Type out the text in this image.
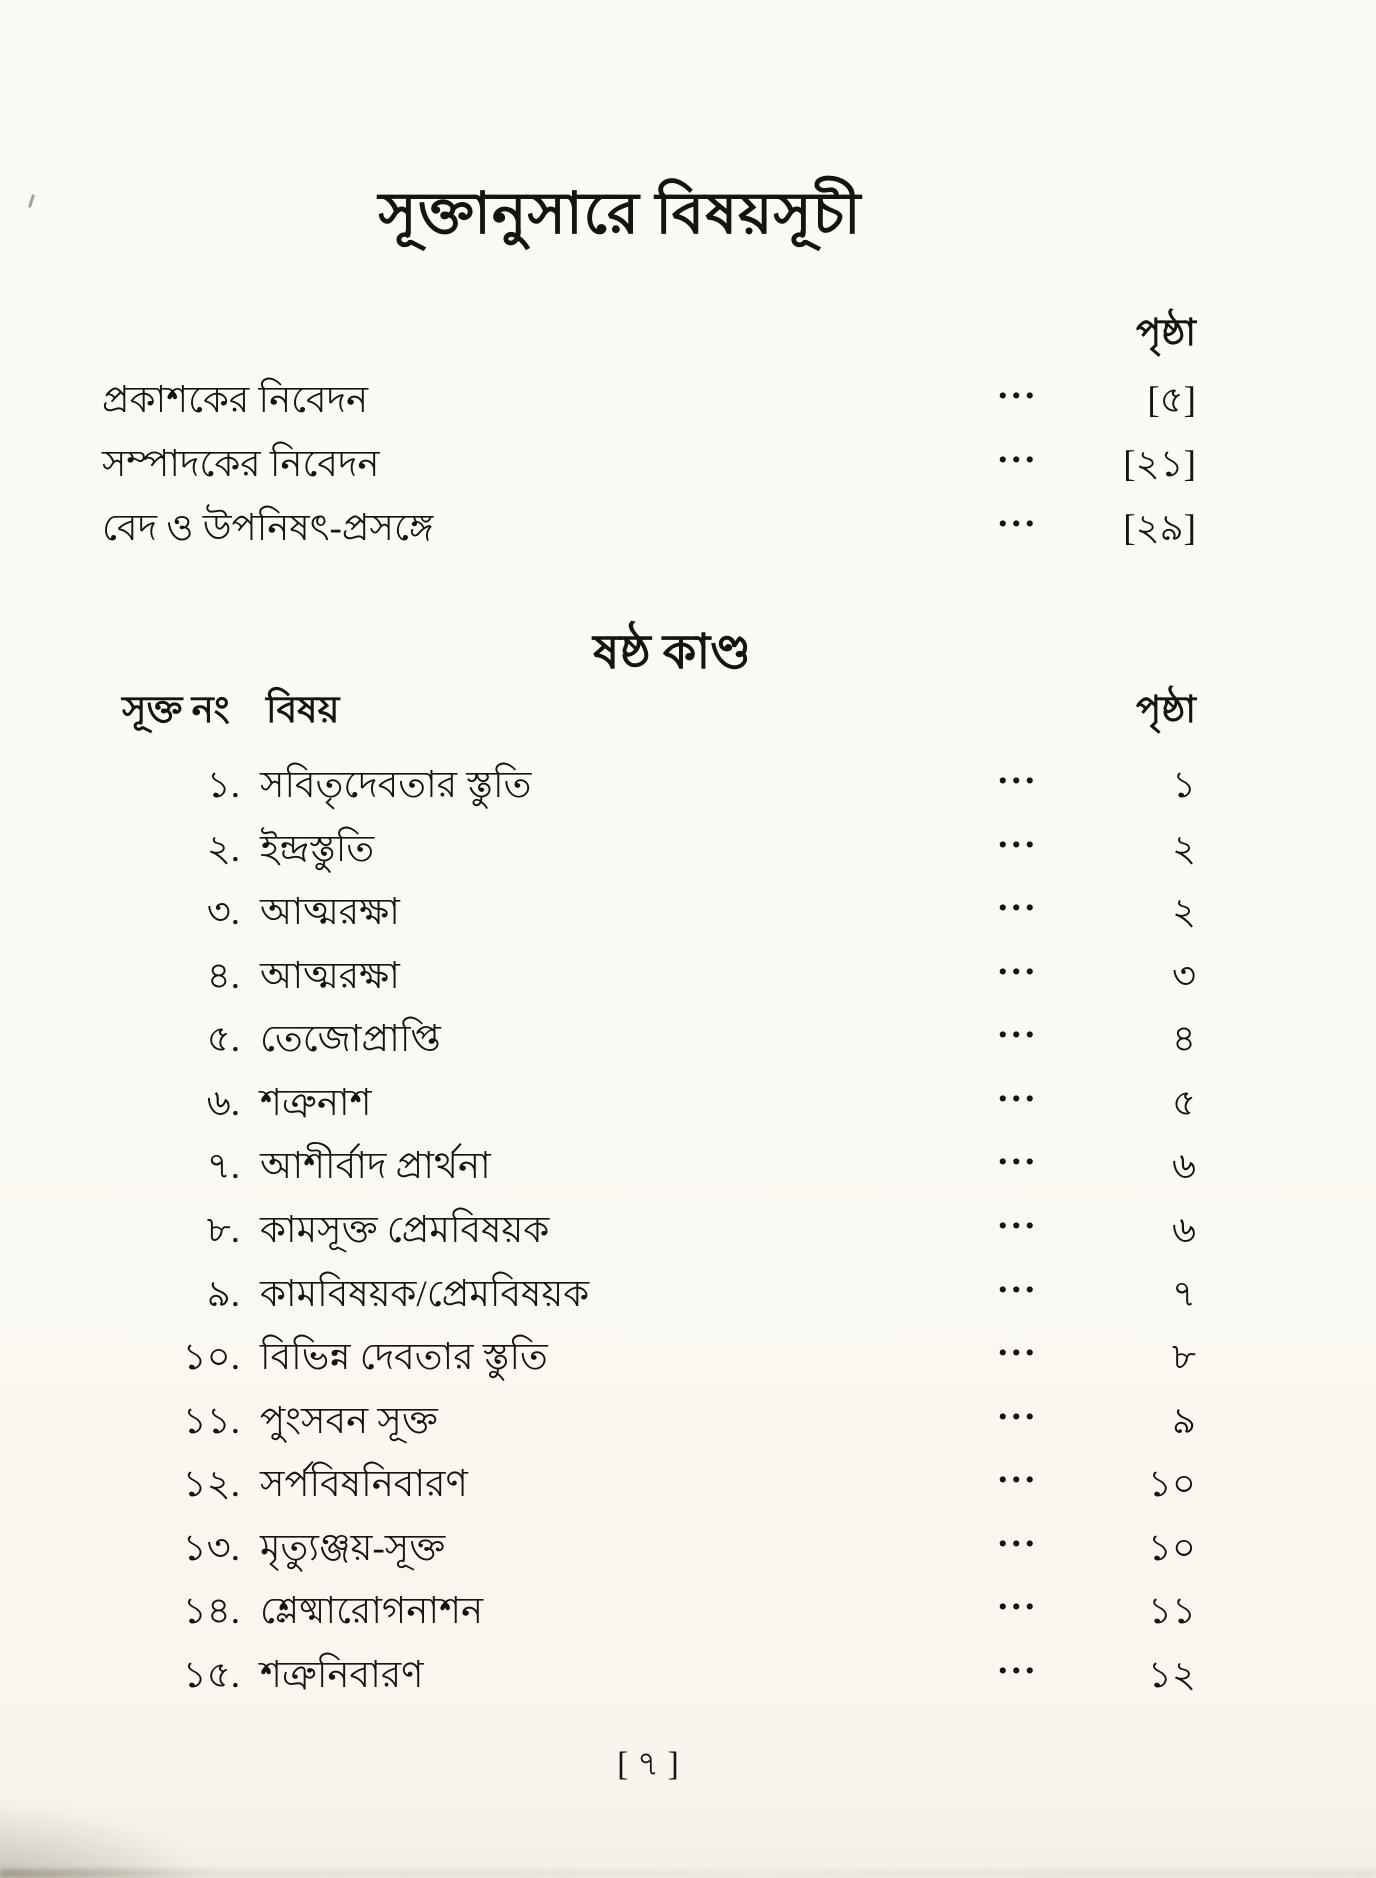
সূক্তানুসারে বিষয়সূচী
পৃষ্ঠা
প্রকাশকের নিবেদন	...	[৫]
সম্পাদকের নিবেদন	... [২১]
বেদ ও উপনিষৎ-প্রসঙ্গে	... [২৯]
ষষ্ঠ কাণ্ড
সূক্ত নং বিষয়	পৃষ্ঠা
১. সবিতৃদেবতার স্তুতি	...	১
২. ইন্দ্রস্তুতি	...	২
৩. আত্মরক্ষা	...	২
৪. আত্মরক্ষা	...	৩
৫. তেজোপ্রাপ্তি	...	৪
৬. শত্রুনাশ	...	৫
৭. আশীর্বাদ প্রার্থনা	...	৬
৮. কামসূক্ত প্রেমবিষয়ক	...	৬
৯. কামবিষয়ক/প্রেমবিষয়ক	...	৭
১০. বিভিন্ন দেবতার স্তুতি	...	৮
১১. পুংসবন সূক্ত	...	৯
১২. সর্পবিষনিবারণ	...	১০
১৩. মৃত্যুঞ্জয়-সূক্ত	...	১০
১৪. শ্লেষ্মারোগনাশন	...	১১
১৫. শত্রুনিবারণ	...	১২
[ ৭ ]
